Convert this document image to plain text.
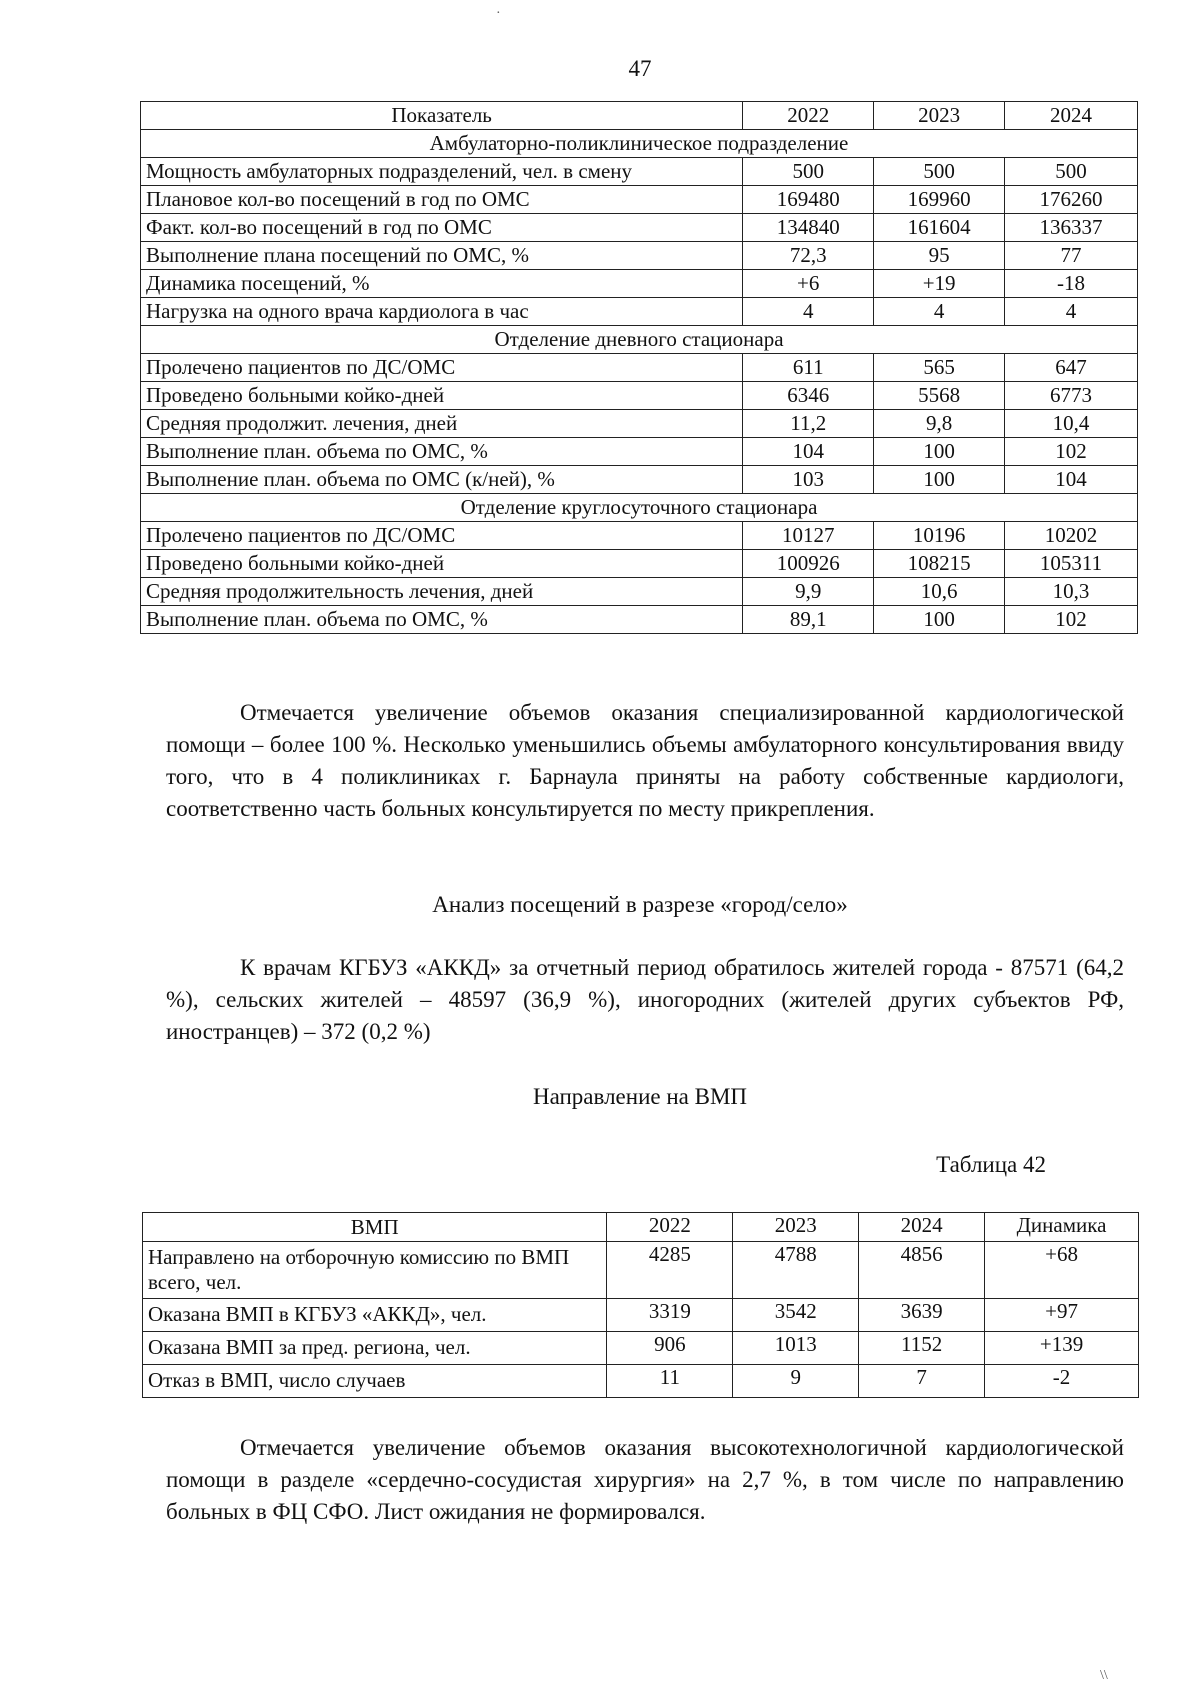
47
Показатель	2022	2023	2024
Амбулаторно-поликлиническое подразделение			
Мощность амбулаторных подразделений, чел. в смену	500	500	500
Плановое кол-во посещений в год по ОМС	169480	169960	176260
Факт. кол-во посещений в год по ОМС	134840	161604	136337
Выполнение плана посещений по ОМС, %	72,3	95	77
Динамика посещений, %	+6	+19	-18
Нагрузка на одного врача кардиолога в час	4	4	4
Отделение дневного стационара			
Пролечено пациентов по ДС/ОМС	611	565	647
Проведено больными койко-дней	6346	5568	6773
Средняя продолжит. лечения, дней	11,2	9,8	10,4
Выполнение план. объема по ОМС, %	104	100	102
Выполнение план. объема по ОМС (к/ней), %	103	100	104
Отделение круглосуточного стационара			
Пролечено пациентов по ДС/ОМС	10127	10196	10202
Проведено больными койко-дней	100926	108215	105311
Средняя продолжительность лечения, дней	9,9	10,6	10,3
Выполнение план. объема по ОМС, %	89,1	100	102

Отмечается увеличение объемов оказания специализированной кардиологической помощи – более 100 %. Несколько уменьшились объемы амбулаторного консультирования ввиду того, что в 4 поликлиниках г. Барнаула приняты на работу собственные кардиологи, соответственно часть больных консультируется по месту прикрепления.

Анализ посещений в разрезе «город/село»

К врачам КГБУЗ «АККД» за отчетный период обратилось жителей города - 87571 (64,2 %), сельских жителей – 48597 (36,9 %), иногородних (жителей других субъектов РФ, иностранцев) – 372 (0,2 %)

Направление на ВМП

Таблица 42
ВМП	2022	2023	2024	Динамика
Направлено на отборочную комиссию по ВМП всего, чел.	4285	4788	4856	+68
Оказана ВМП в КГБУЗ «АККД», чел.	3319	3542	3639	+97
Оказана ВМП за пред. региона, чел.	906	1013	1152	+139
Отказ в ВМП, число случаев	11	9	7	-2

Отмечается увеличение объемов оказания высокотехнологичной кардиологической помощи в разделе «сердечно-сосудистая хирургия» на 2,7 %, в том числе по направлению больных в ФЦ СФО. Лист ожидания не формировался.

·
\\
